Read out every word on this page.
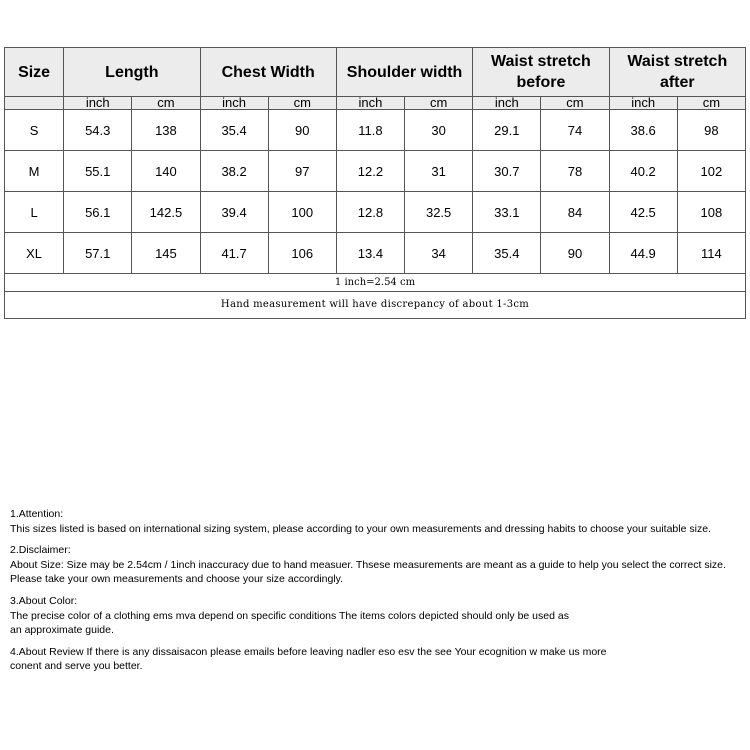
Size	Length		Chest Width		Shoulder width		Waist stretch before		Waist stretch after	
	inch	cm	inch	cm	inch	cm	inch	cm	inch	cm
S	54.3	138	35.4	90	11.8	30	29.1	74	38.6	98
M	55.1	140	38.2	97	12.2	31	30.7	78	40.2	102
L	56.1	142.5	39.4	100	12.8	32.5	33.1	84	42.5	108
XL	57.1	145	41.7	106	13.4	34	35.4	90	44.9	114
1 inch=2.54 cm										
Hand measurement will have discrepancy of about 1-3cm										
1.Attention:
This sizes listed is based on international sizing system, please according to your own measurements and dressing habits to choose your suitable size.
2.Disclaimer:
About Size: Size may be 2.54cm / 1inch inaccuracy due to hand measuer. Thsese measurements are meant as a guide to help you select the correct size.
Please take your own measurements and choose your size accordingly.
3.About Color:
The precise color of a clothing ems mva depend on specific conditions The items colors depicted should only be used as
an approximate guide.
4.About Review If there is any dissaisacon please emails before leaving nadler eso esv the see Your ecognition w make us more
conent and serve you better.
